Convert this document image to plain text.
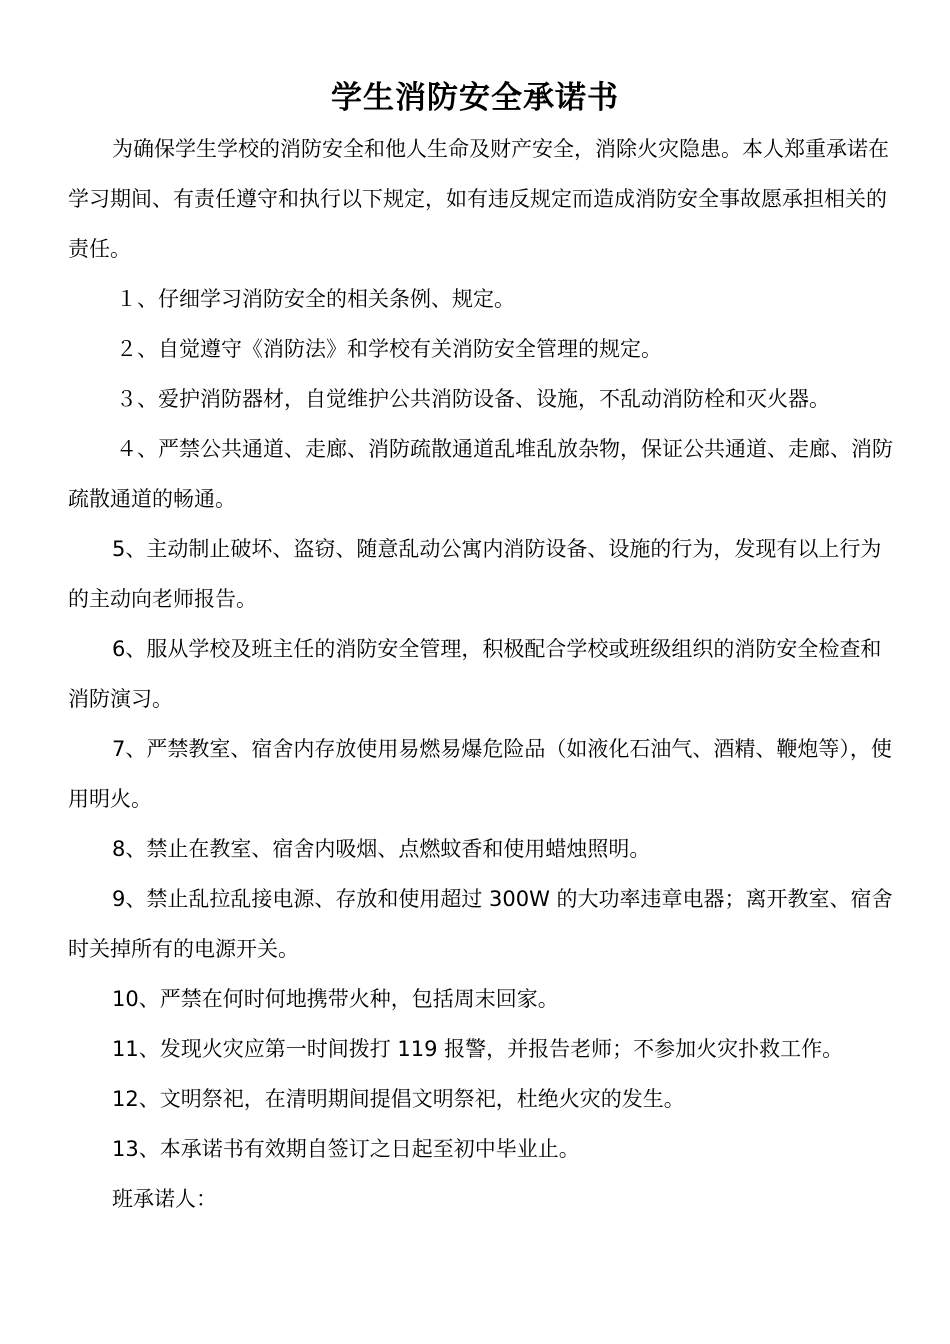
学生消防安全承诺书

为确保学生学校的消防安全和他人生命及财产安全，消除火灾隐患。本人郑重承诺在学习期间、有责任遵守和执行以下规定，如有违反规定而造成消防安全事故愿承担相关的责任。

１、仔细学习消防安全的相关条例、规定。

２、自觉遵守《消防法》和学校有关消防安全管理的规定。

３、爱护消防器材，自觉维护公共消防设备、设施，不乱动消防栓和灭火器。

４、严禁公共通道、走廊、消防疏散通道乱堆乱放杂物，保证公共通道、走廊、消防疏散通道的畅通。

5、主动制止破坏、盗窃、随意乱动公寓内消防设备、设施的行为，发现有以上行为的主动向老师报告。

6、服从学校及班主任的消防安全管理，积极配合学校或班级组织的消防安全检查和消防演习。

7、严禁教室、宿舍内存放使用易燃易爆危险品（如液化石油气、酒精、鞭炮等），使用明火。

8、禁止在教室、宿舍内吸烟、点燃蚊香和使用蜡烛照明。

9、禁止乱拉乱接电源、存放和使用超过 300W 的大功率违章电器；离开教室、宿舍时关掉所有的电源开关。

10、严禁在何时何地携带火种，包括周末回家。

11、发现火灾应第一时间拨打 119 报警，并报告老师；不参加火灾扑救工作。

12、文明祭祀，在清明期间提倡文明祭祀，杜绝火灾的发生。

13、本承诺书有效期自签订之日起至初中毕业止。

班承诺人：
